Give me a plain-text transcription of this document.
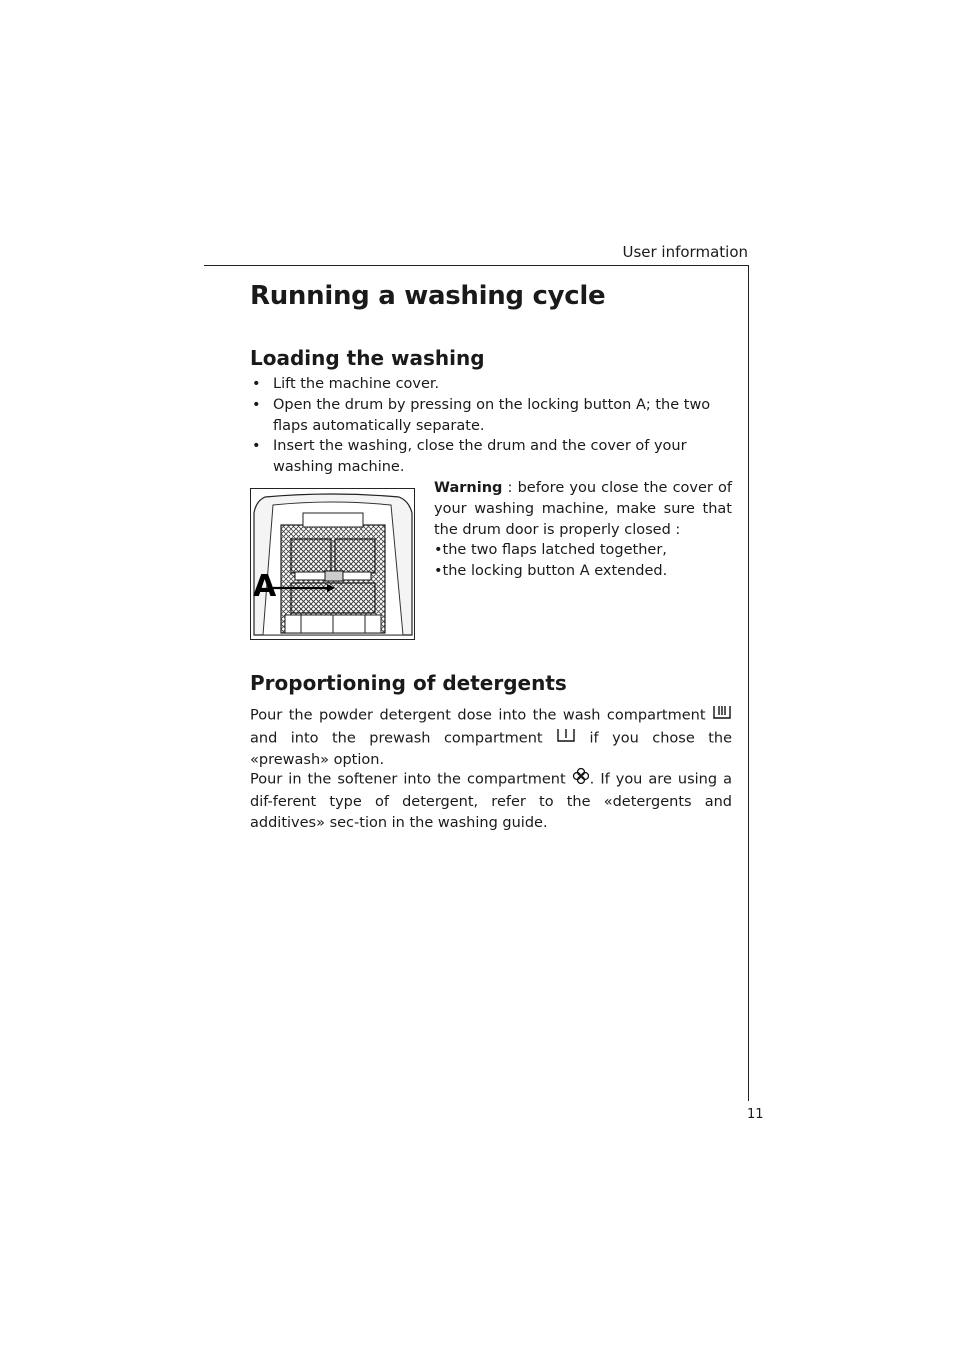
User information
Running a washing cycle
Loading the washing
• Lift the machine cover.
• Open the drum by pressing on the locking button A; the two flaps automatically separate.
• Insert the washing, close the drum and the cover of your washing machine.
A
Warning : before you close the cover of your washing machine, make sure that the drum door is properly closed :
•the two flaps latched together,
•the locking button A extended.
Proportioning of detergents

Pour the powder detergent dose into the wash compartment  and into the prewash compartment  if you chose the «prewash» option.

Pour in the softener into the compartment . If you are using a dif-ferent type of detergent, refer to the «detergents and additives» sec-tion in the washing guide.

11
